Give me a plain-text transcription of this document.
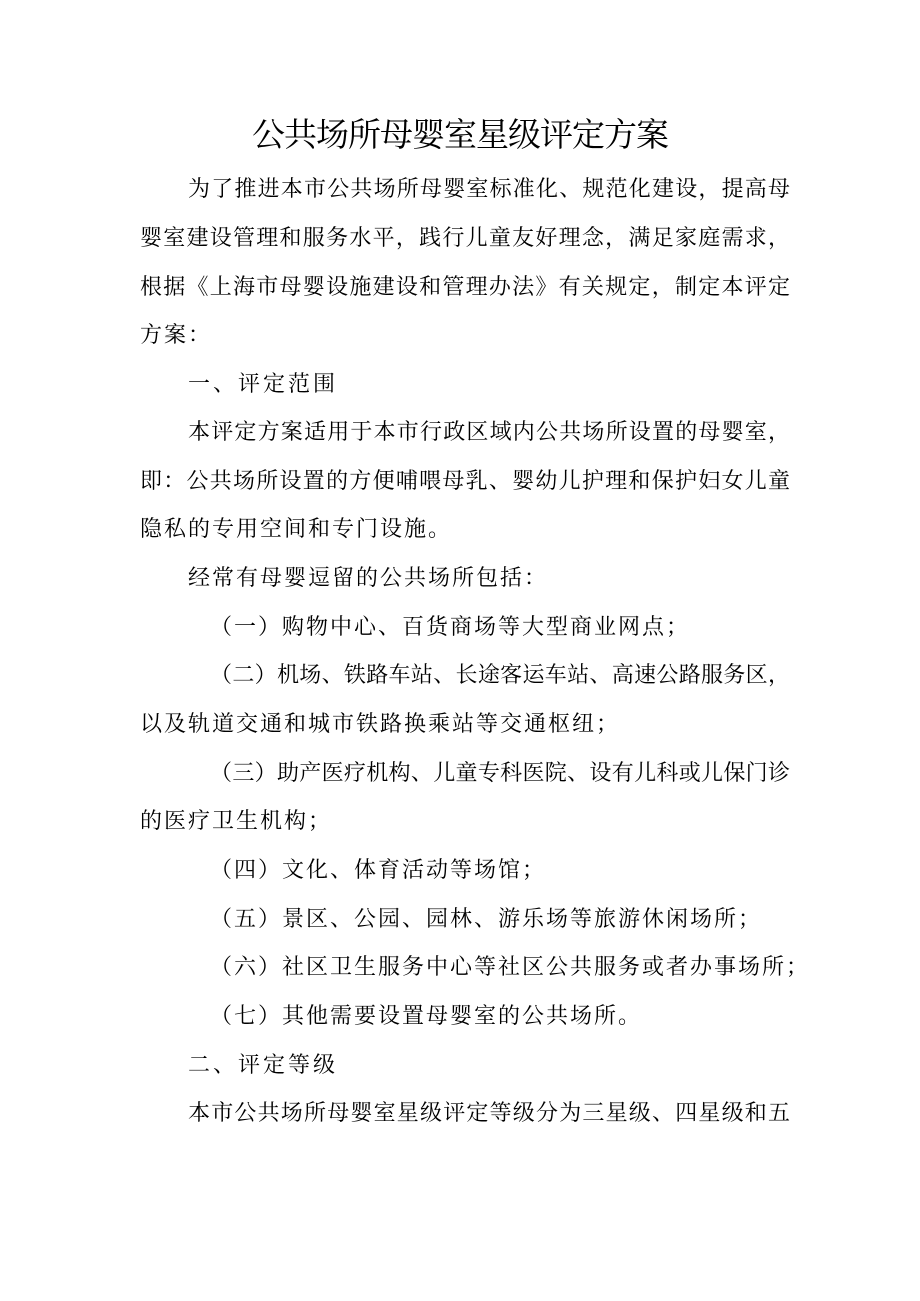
公共场所母婴室星级评定方案
为了推进本市公共场所母婴室标准化、规范化建设，提高母
婴室建设管理和服务水平，践行儿童友好理念，满足家庭需求，
根据《上海市母婴设施建设和管理办法》有关规定，制定本评定
方案：
一、评定范围
本评定方案适用于本市行政区域内公共场所设置的母婴室，
即：公共场所设置的方便哺喂母乳、婴幼儿护理和保护妇女儿童
隐私的专用空间和专门设施。
经常有母婴逗留的公共场所包括：
（一）购物中心、百货商场等大型商业网点；
（二）机场、铁路车站、长途客运车站、高速公路服务区，
以及轨道交通和城市铁路换乘站等交通枢纽；
（三）助产医疗机构、儿童专科医院、设有儿科或儿保门诊
的医疗卫生机构；
（四）文化、体育活动等场馆；
（五）景区、公园、园林、游乐场等旅游休闲场所；
（六）社区卫生服务中心等社区公共服务或者办事场所；
（七）其他需要设置母婴室的公共场所。
二、评定等级
本市公共场所母婴室星级评定等级分为三星级、四星级和五
